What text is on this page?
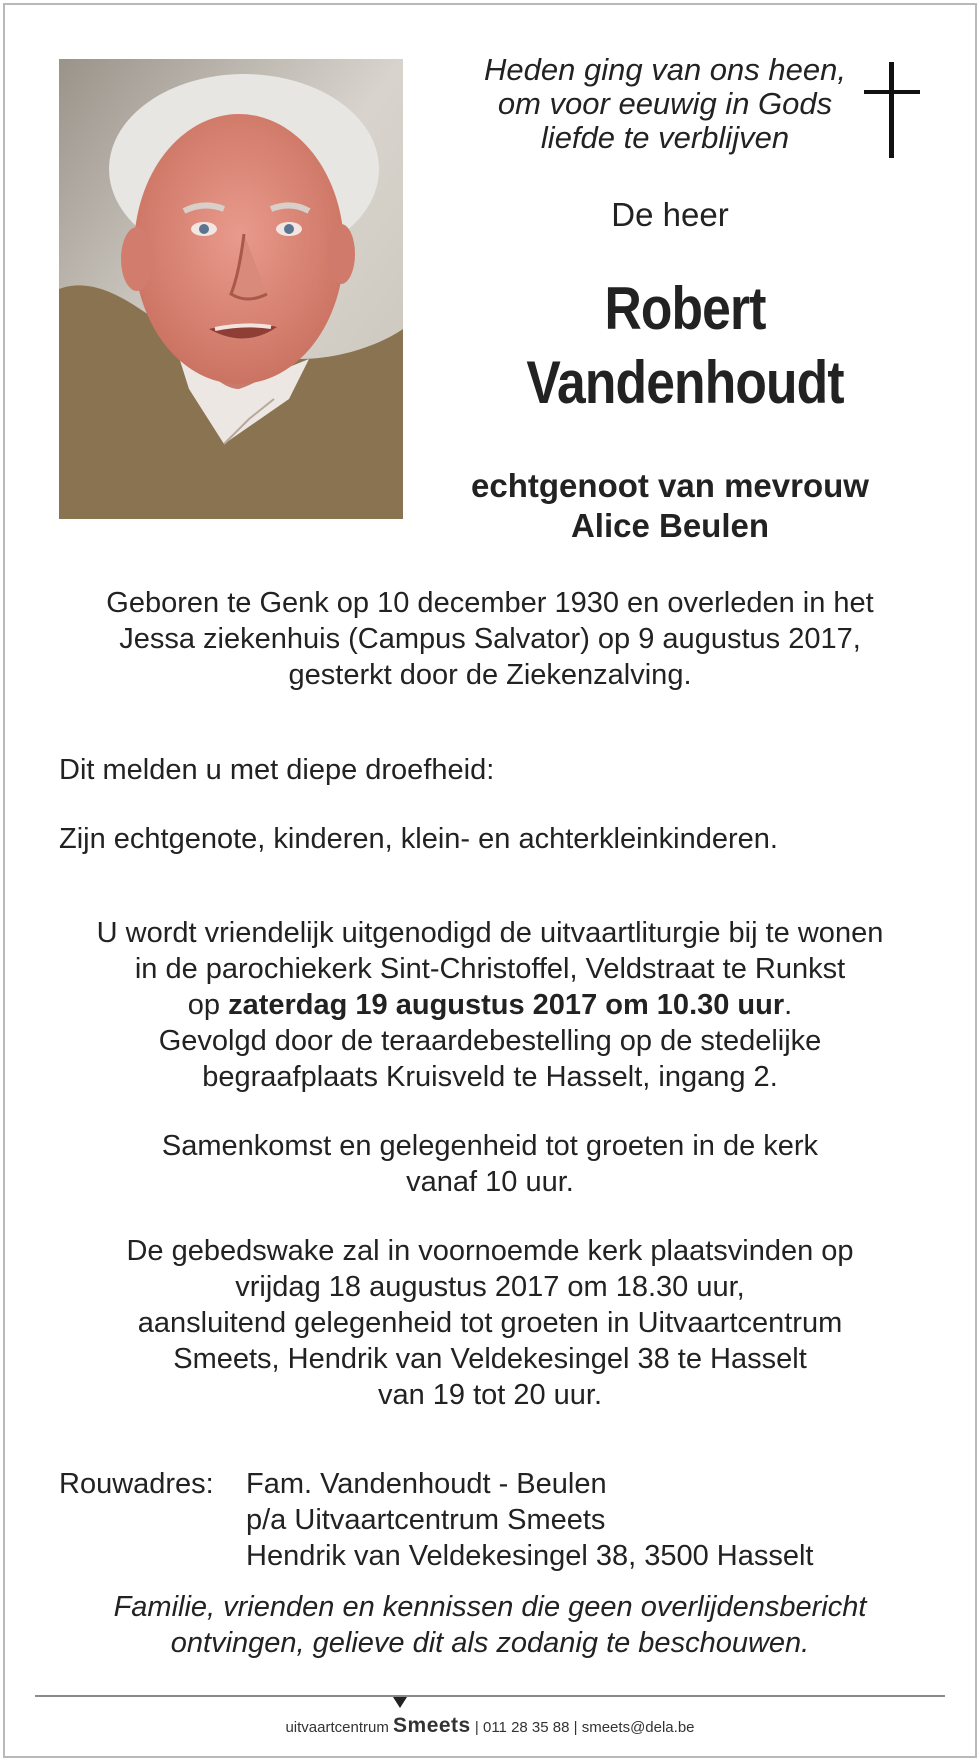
Heden ging van ons heen,
om voor eeuwig in Gods
liefde te verblijven
De heer
Robert
Vandenhoudt
echtgenoot van mevrouw
Alice Beulen
Geboren te Genk op 10 december 1930 en overleden in het
Jessa ziekenhuis (Campus Salvator) op 9 augustus 2017,
gesterkt door de Ziekenzalving.
Dit melden u met diepe droefheid:
Zijn echtgenote, kinderen, klein- en achterkleinkinderen.
U wordt vriendelijk uitgenodigd de uitvaartliturgie bij te wonen
in de parochiekerk Sint-Christoffel, Veldstraat te Runkst
op zaterdag 19 augustus 2017 om 10.30 uur.
Gevolgd door de teraardebestelling op de stedelijke
begraafplaats Kruisveld te Hasselt, ingang 2.
Samenkomst en gelegenheid tot groeten in de kerk
vanaf 10 uur.
De gebedswake zal in voornoemde kerk plaatsvinden op
vrijdag 18 augustus 2017 om 18.30 uur,
aansluitend gelegenheid tot groeten in Uitvaartcentrum
Smeets, Hendrik van Veldekesingel 38 te Hasselt
van 19 tot 20 uur.
Rouwadres:	Fam. Vandenhoudt - Beulen
p/a Uitvaartcentrum Smeets
Hendrik van Veldekesingel 38, 3500 Hasselt
Familie, vrienden en kennissen die geen overlijdensbericht
ontvingen, gelieve dit als zodanig te beschouwen.
uitvaartcentrum Smeets | 011 28 35 88 | smeets@dela.be
